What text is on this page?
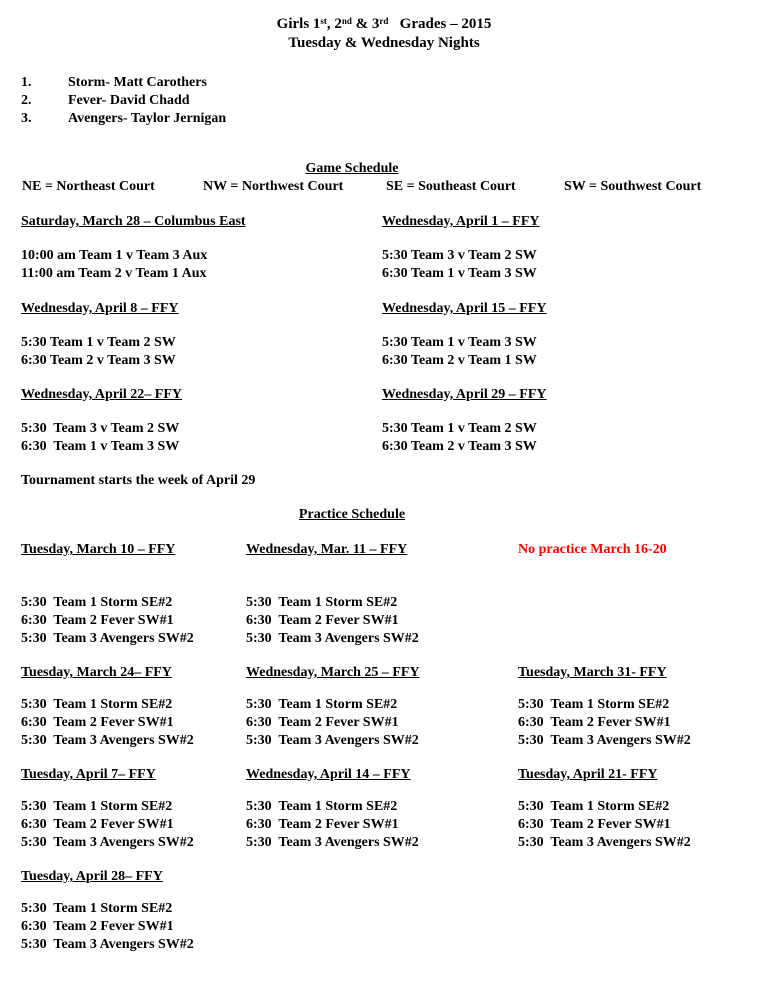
Girls 1st, 2nd & 3rd   Grades – 2015
Tuesday & Wednesday Nights
1.	Storm- Matt Carothers
2.	Fever- David Chadd
3.	Avengers- Taylor Jernigan
Game Schedule
NE = Northeast Court	NW = Northwest Court	SE = Southeast Court	SW = Southwest Court
Saturday, March 28 – Columbus East
10:00 am Team 1 v Team 3 Aux
11:00 am Team 2 v Team 1 Aux
Wednesday, April 1 – FFY
5:30 Team 3 v Team 2 SW
6:30 Team 1 v Team 3 SW
Wednesday, April 8 – FFY
5:30 Team 1 v Team 2 SW
6:30 Team 2 v Team 3 SW
Wednesday, April 15 – FFY
5:30 Team 1 v Team 3 SW
6:30 Team 2 v Team 1 SW
Wednesday, April 22– FFY
5:30  Team 3 v Team 2 SW
6:30  Team 1 v Team 3 SW
Wednesday, April 29 – FFY
5:30 Team 1 v Team 2 SW
6:30 Team 2 v Team 3 SW
Tournament starts the week of April 29
Practice Schedule
Tuesday, March 10 – FFY
5:30  Team 1 Storm SE#2
6:30  Team 2 Fever SW#1
5:30  Team 3 Avengers SW#2
Wednesday, Mar. 11 – FFY
5:30  Team 1 Storm SE#2
6:30  Team 2 Fever SW#1
5:30  Team 3 Avengers SW#2
No practice March 16-20
Tuesday, March 24– FFY
5:30  Team 1 Storm SE#2
6:30  Team 2 Fever SW#1
5:30  Team 3 Avengers SW#2
Wednesday, March 25 – FFY
5:30  Team 1 Storm SE#2
6:30  Team 2 Fever SW#1
5:30  Team 3 Avengers SW#2
Tuesday, March 31- FFY
5:30  Team 1 Storm SE#2
6:30  Team 2 Fever SW#1
5:30  Team 3 Avengers SW#2
Tuesday, April 7– FFY
5:30  Team 1 Storm SE#2
6:30  Team 2 Fever SW#1
5:30  Team 3 Avengers SW#2
Wednesday, April 14 – FFY
5:30  Team 1 Storm SE#2
6:30  Team 2 Fever SW#1
5:30  Team 3 Avengers SW#2
Tuesday, April 21- FFY
5:30  Team 1 Storm SE#2
6:30  Team 2 Fever SW#1
5:30  Team 3 Avengers SW#2
Tuesday, April 28– FFY
5:30  Team 1 Storm SE#2
6:30  Team 2 Fever SW#1
5:30  Team 3 Avengers SW#2
